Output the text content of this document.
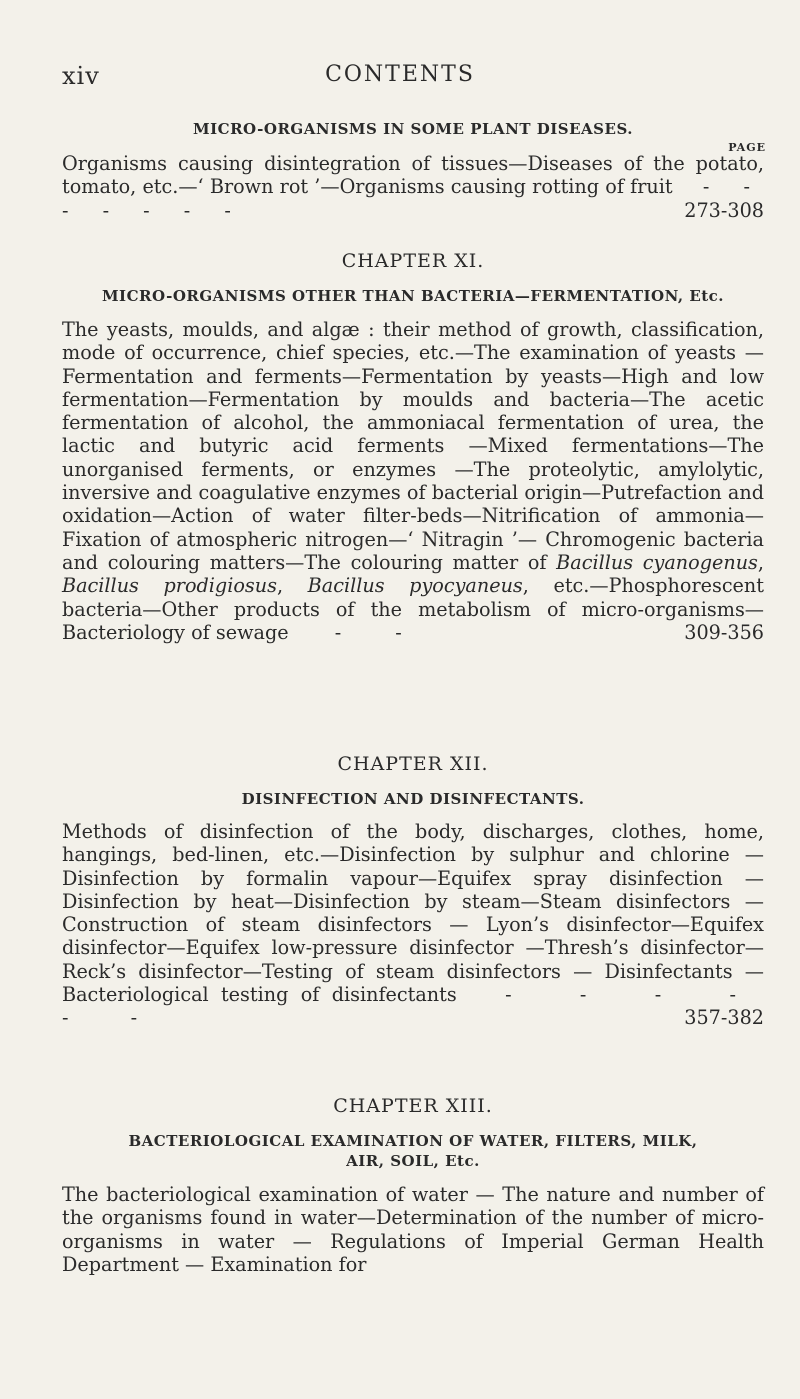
xiv	CONTENTS
MICRO-ORGANISMS IN SOME PLANT DISEASES.
PAGE
Organisms causing disintegration of tissues—Diseases of the potato, tomato, etc.—‘ Brown rot ’—Organisms causing rotting of fruit - - - - - - -	273-308
CHAPTER XI.
MICRO-ORGANISMS OTHER THAN BACTERIA—FERMENTATION, Etc.
The yeasts, moulds, and algæ : their method of growth, classification, mode of occurrence, chief species, etc.—The examination of yeasts — Fermentation and ferments—Fermentation by yeasts—High and low fermentation—Fermentation by moulds and bacteria—The acetic fermentation of alcohol, the ammoniacal fermentation of urea, the lactic and butyric acid ferments —Mixed fermentations—The unorganised ferments, or enzymes —The proteolytic, amylolytic, inversive and coagulative enzymes of bacterial origin—Putrefaction and oxidation—Action of water filter-beds—Nitrification of ammonia—Fixation of atmospheric nitrogen—‘ Nitragin ’— Chromogenic bacteria and colouring matters—The colouring matter of Bacillus cyanogenus, Bacillus prodigiosus, Bacillus pyocyaneus, etc.—Phosphorescent bacteria—Other products of the metabolism of micro-organisms—Bacteriology of sewage - -	309-356
CHAPTER XII.
DISINFECTION AND DISINFECTANTS.
Methods of disinfection of the body, discharges, clothes, home, hangings, bed-linen, etc.—Disinfection by sulphur and chlorine —Disinfection by formalin vapour—Equifex spray disinfection —Disinfection by heat—Disinfection by steam—Steam disinfectors — Construction of steam disinfectors — Lyon’s disinfector—Equifex disinfector—Equifex low-pressure disinfector —Thresh’s disinfector—Reck’s disinfector—Testing of steam disinfectors — Disinfectants — Bacteriological testing of disinfectants	- - - - - -	357-382
CHAPTER XIII.
BACTERIOLOGICAL EXAMINATION OF WATER, FILTERS, MILK,
AIR, SOIL, Etc.
The bacteriological examination of water — The nature and number of the organisms found in water—Determination of the number of micro-organisms in water — Regulations of Imperial German Health Department — Examination for
